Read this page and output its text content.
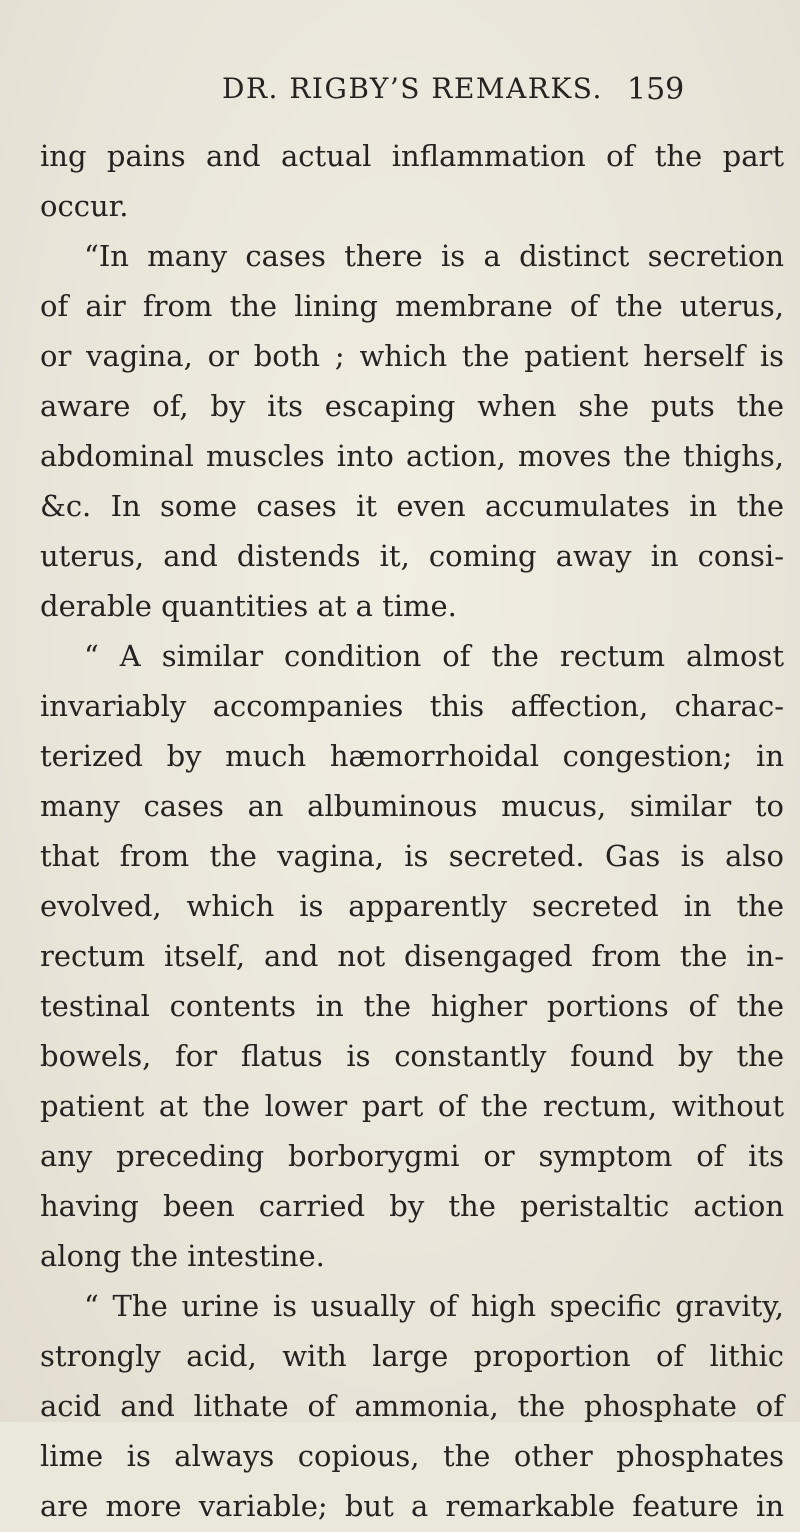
DR. RIGBY’S REMARKS. 159
ing pains and actual inflammation of the part
occur.
“In many cases there is a distinct secretion
of air from the lining membrane of the uterus,
or vagina, or both ; which the patient herself is
aware of, by its escaping when she puts the
abdominal muscles into action, moves the thighs,
&c. In some cases it even accumulates in the
uterus, and distends it, coming away in consi-
derable quantities at a time.
“ A similar condition of the rectum almost
invariably accompanies this affection, charac-
terized by much hæmorrhoidal congestion; in
many cases an albuminous mucus, similar to
that from the vagina, is secreted. Gas is also
evolved, which is apparently secreted in the
rectum itself, and not disengaged from the in-
testinal contents in the higher portions of the
bowels, for flatus is constantly found by the
patient at the lower part of the rectum, without
any preceding borborygmi or symptom of its
having been carried by the peristaltic action
along the intestine.
“ The urine is usually of high specific gravity,
strongly acid, with large proportion of lithic
acid and lithate of ammonia, the phosphate of
lime is always copious, the other phosphates
are more variable; but a remarkable feature in
